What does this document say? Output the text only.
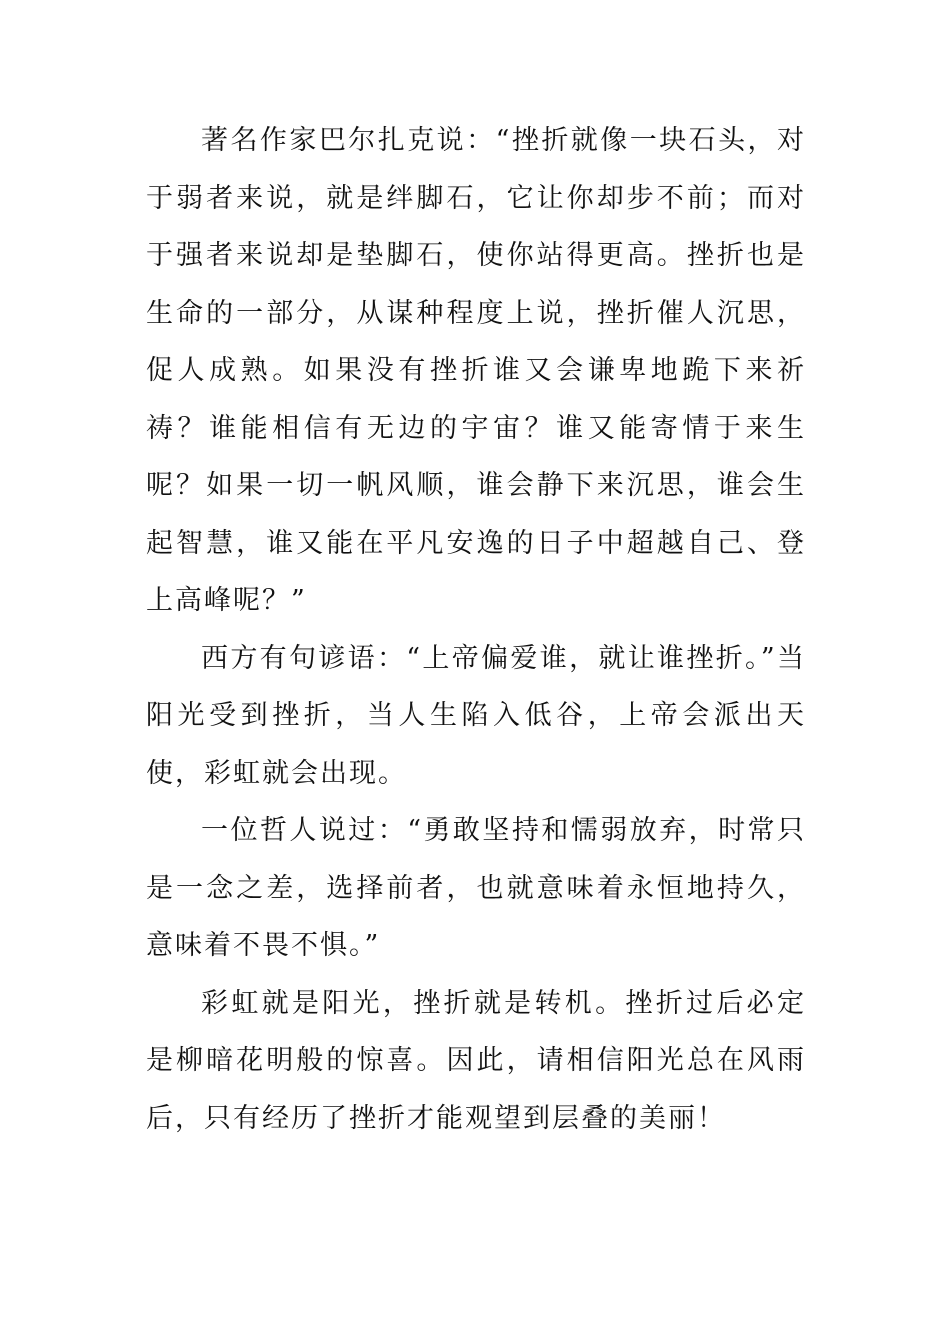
著名作家巴尔扎克说：“挫折就像一块石头，对于弱者来说，就是绊脚石，它让你却步不前；而对于强者来说却是垫脚石，使你站得更高。挫折也是生命的一部分，从谋种程度上说，挫折催人沉思，促人成熟。如果没有挫折谁又会谦卑地跪下来祈祷？谁能相信有无边的宇宙？谁又能寄情于来生呢？如果一切一帆风顺，谁会静下来沉思，谁会生起智慧，谁又能在平凡安逸的日子中超越自己、登上高峰呢？”

西方有句谚语：“上帝偏爱谁，就让谁挫折。”当阳光受到挫折，当人生陷入低谷，上帝会派出天使，彩虹就会出现。

一位哲人说过：“勇敢坚持和懦弱放弃，时常只是一念之差，选择前者，也就意味着永恒地持久，意味着不畏不惧。”

彩虹就是阳光，挫折就是转机。挫折过后必定是柳暗花明般的惊喜。因此，请相信阳光总在风雨后，只有经历了挫折才能观望到层叠的美丽！
